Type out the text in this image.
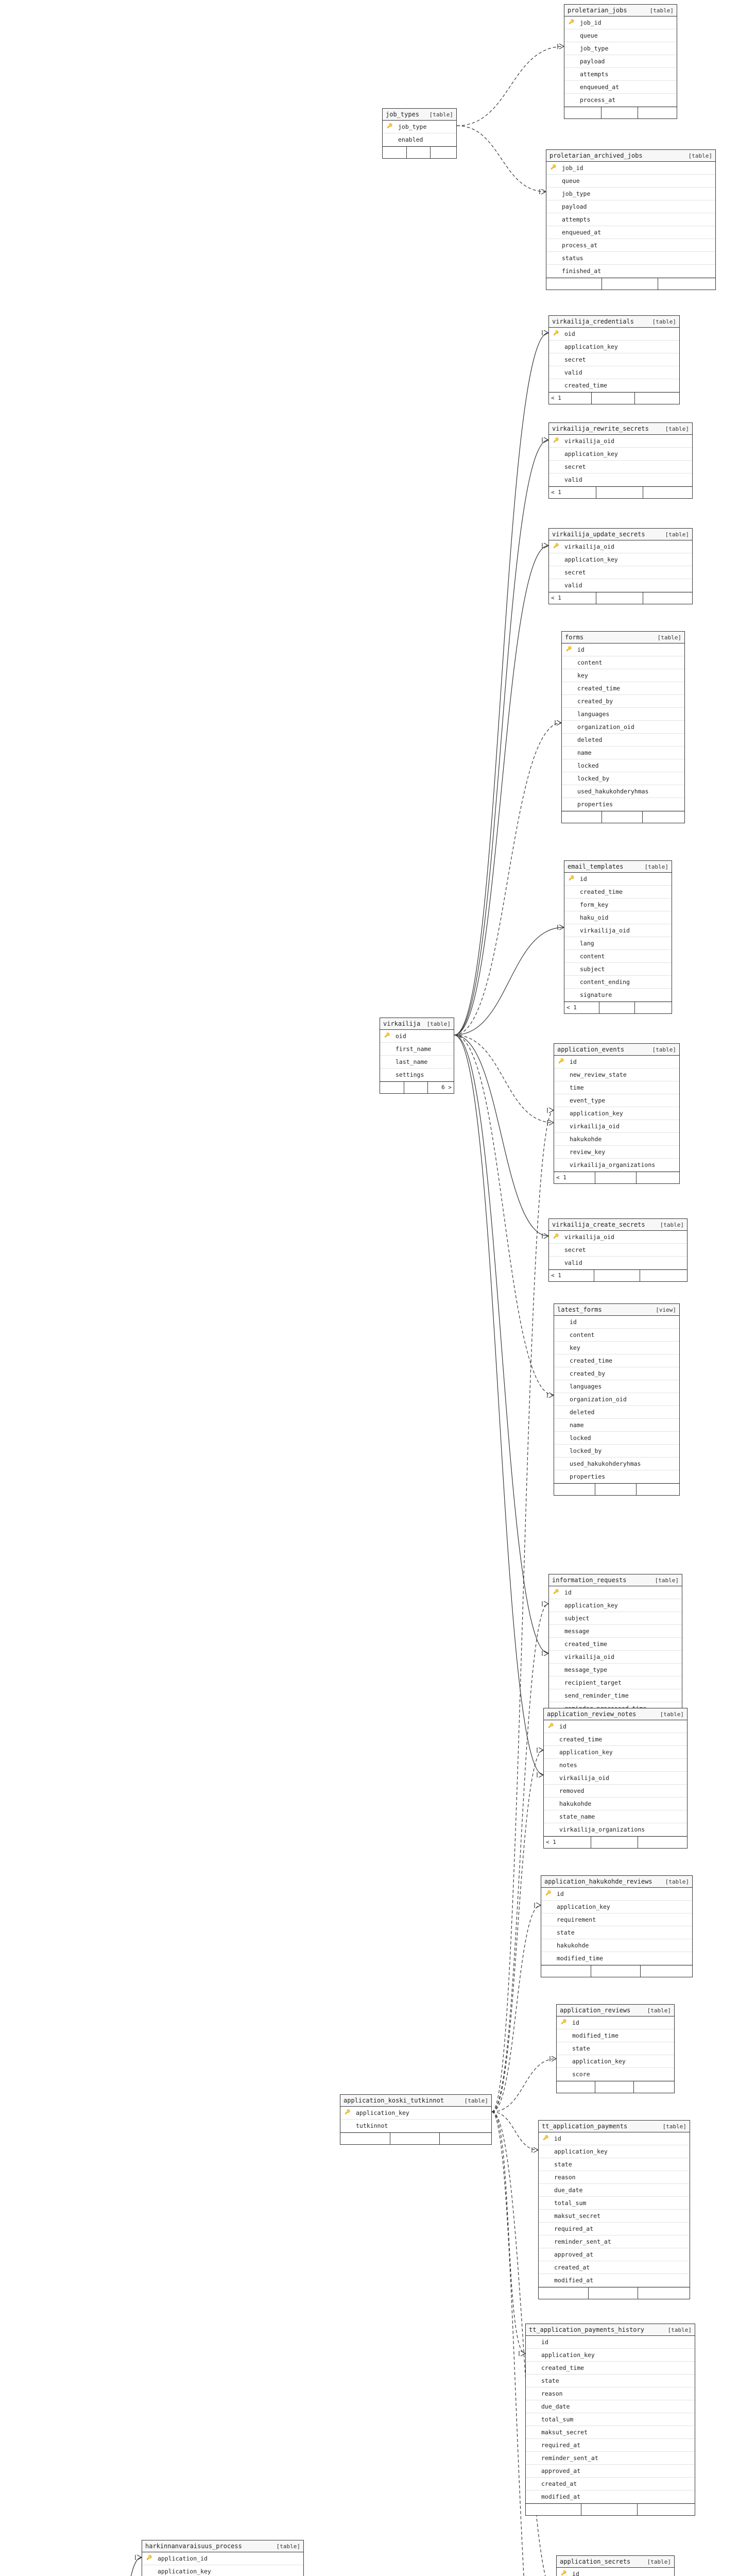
proletarian_jobs	[table]
🔑 job_id
queue
job_type
payload
attempts
enqueued_at
process_at
job_types [table]
🔑 job_type
enabled
proletarian_archived_jobs	[table]
🔑 job_id
queue
job_type
payload
attempts
enqueued_at
process_at
status
finished_at
virkailija_credentials	[table]
🔑 oid
application_key
secret
valid
created_time
< 1
virkailija_rewrite_secrets	[table]
🔑 virkailija_oid
application_key
secret
valid
< 1
virkailija_update_secrets	[table]
🔑 virkailija_oid
application_key
secret
valid
< 1
forms	[table]
🔑 id
content
key
created_time
created_by
languages
organization_oid
deleted
name
locked
locked_by
used_hakukohderyhmas
properties
email_templates	[table]
🔑 id
created_time
form_key
haku_oid
virkailija_oid
lang
content
subject
content_ending
signature
< 1
virkailija [table]
🔑 oid
first_name
last_name
settings
6 >
application_events	[table]
🔑 id
new_review_state
time
event_type
application_key
virkailija_oid
hakukohde
review_key
virkailija_organizations
< 1
virkailija_create_secrets	[table]
🔑 virkailija_oid
secret
valid
< 1
latest_forms	[view]
id
content
key
created_time
created_by
languages
organization_oid
deleted
name
locked
locked_by
used_hakukohderyhmas
properties
information_requests	[table]
🔑 id
application_key
subject
message
created_time
virkailija_oid
message_type
recipient_target
send_reminder_time
application_review_notes	[table]
🔑 id
created_time
application_key
notes
virkailija_oid
removed
hakukohde
state_name
virkailija_organizations
< 1
application_hakukohde_reviews [table]
🔑 id
application_key
requirement
state
hakukohde
modified_time
application_reviews	[table]
🔑 id
modified_time
state
application_key
score
application_koski_tutkinnot	[table]
🔑 application_key
tutkinnot	tt_application_payments	[table]
🔑 id
application_key
state
reason
due_date
total_sum
maksut_secret
required_at
reminder_sent_at
approved_at
created_at
modified_at
tt_application_payments_history	[table]
id
application_key
created_time
state
reason
due_date
total_sum
maksut_secret
required_at
reminder_sent_at
approved_at
created_at
modified_at
harkinnanvaraisuus_process	[table]
🔑 application_id
application_key
application_secrets	[table]
🔑 id
